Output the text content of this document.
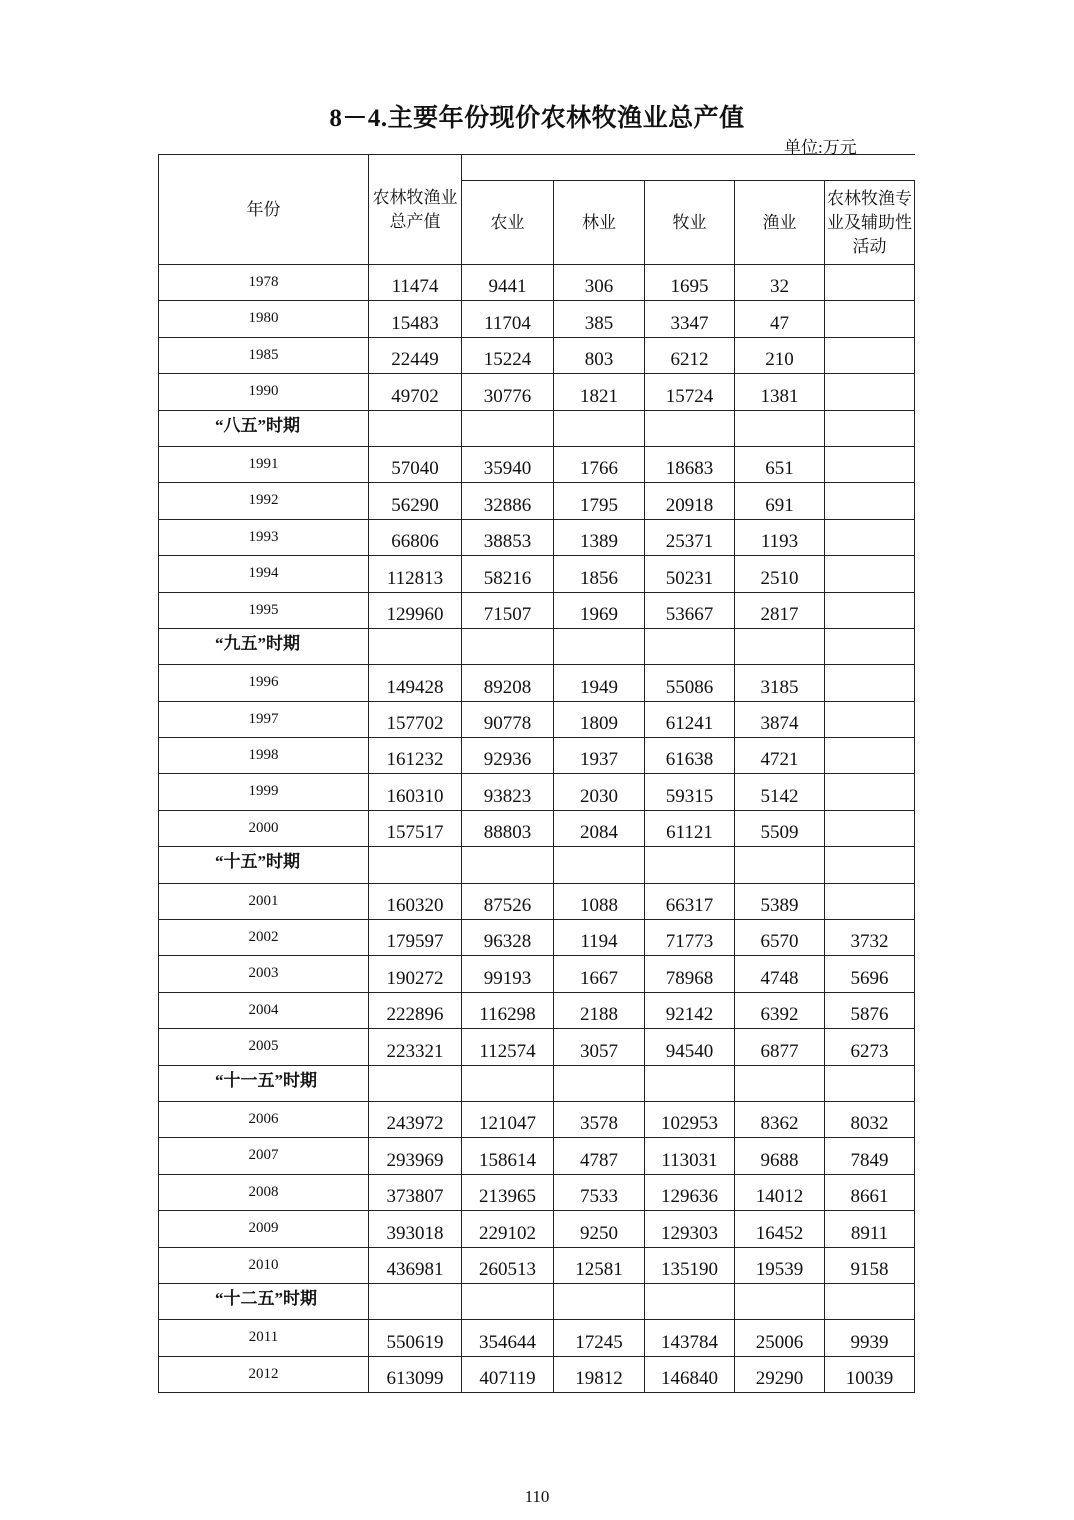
8－4.主要年份现价农林牧渔业总产值
单位:万元
年份	农林牧渔业总产值					
		农业	林业	牧业	渔业	农林牧渔专业及辅助性活动
1978	11474	9441	306	1695	32	
1980	15483	11704	385	3347	47	
1985	22449	15224	803	6212	210	
1990	49702	30776	1821	15724	1381	
“八五”时期						
1991	57040	35940	1766	18683	651	
1992	56290	32886	1795	20918	691	
1993	66806	38853	1389	25371	1193	
1994	112813	58216	1856	50231	2510	
1995	129960	71507	1969	53667	2817	
“九五”时期						
1996	149428	89208	1949	55086	3185	
1997	157702	90778	1809	61241	3874	
1998	161232	92936	1937	61638	4721	
1999	160310	93823	2030	59315	5142	
2000	157517	88803	2084	61121	5509	
“十五”时期						
2001	160320	87526	1088	66317	5389	
2002	179597	96328	1194	71773	6570	3732
2003	190272	99193	1667	78968	4748	5696
2004	222896	116298	2188	92142	6392	5876
2005	223321	112574	3057	94540	6877	6273
“十一五”时期						
2006	243972	121047	3578	102953	8362	8032
2007	293969	158614	4787	113031	9688	7849
2008	373807	213965	7533	129636	14012	8661
2009	393018	229102	9250	129303	16452	8911
2010	436981	260513	12581	135190	19539	9158
“十二五”时期						
2011	550619	354644	17245	143784	25006	9939
2012	613099	407119	19812	146840	29290	10039
110
